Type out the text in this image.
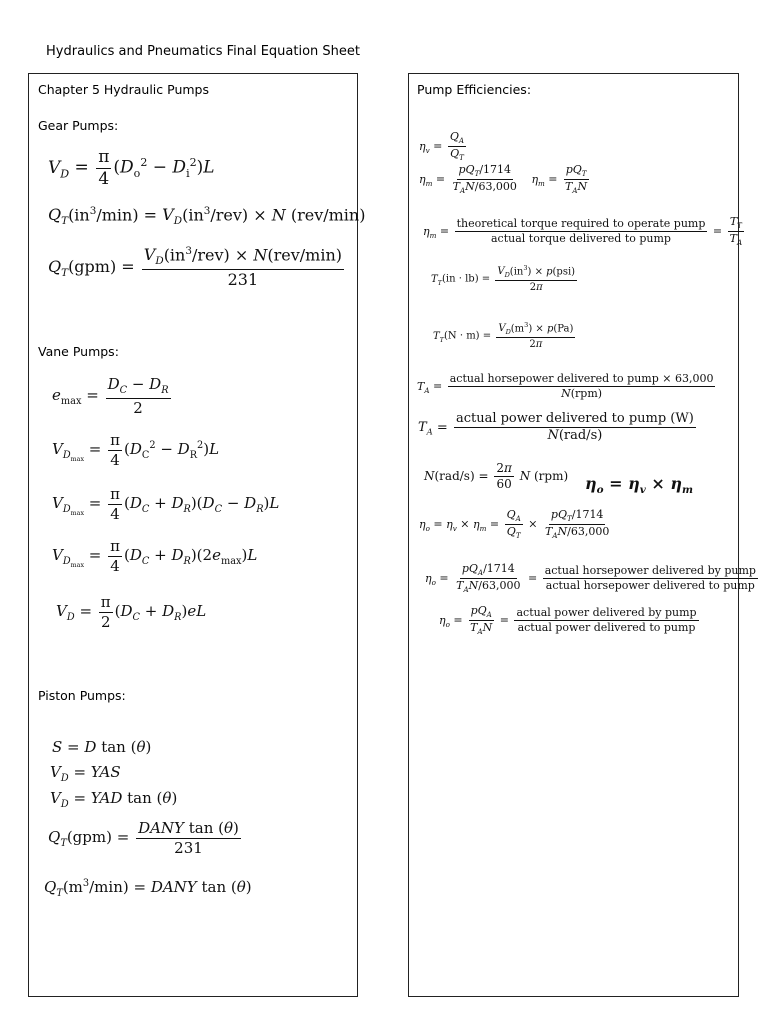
Hydraulics and Pneumatics Final Equation Sheet
Chapter 5 Hydraulic Pumps
Gear Pumps:
$V_D = \frac{\pi}{4} (D_o^2 - D_i^2)L$
$Q_T(in^3/\min) = V_D(in^3/rev) \times N$ (rev/min)
$Q_T(gpm) = \frac{V_D(in^3/rev) \times N(rev/\min)}{231}$
Vane Pumps:
$e_{max} = \frac{D_C - D_R}{2}$
$V_{D_{max}} = \frac{\pi}{4} (D_C^2 - D_R^2)L$
$V_{D_{max}} = \frac{\pi}{4} (D_C + D_R)(D_C - D_R)L$
$V_{D_{max}} = \frac{\pi}{4} (D_C + D_R)(2e_{max})L$
$V_D = \frac{\pi}{2} (D_C + D_R)eL$
Piston Pumps:
S = D tan (θ)
$V_D$ = YAS
$V_D$ = YAD tan (θ)
$Q_T(gpm) = \frac{\text{DANY tan (θ)}}{231}$
$Q_T(m^3/\min)$ = DANY tan (θ)
Pump Efficiencies:
$\eta_v = \frac{Q_A}{Q_T}$
$\eta_m = \frac{pQ_T/1714}{T_AN/63,000} \eta_m = \frac{pQ_T}{T_AN}$
$\eta_m = \frac{\text{theoretical torque required to operate pump}}{\text{actual torque delivered to pump}} = \frac{T_T}{T_A}$
$T_T(in \cdot lb) = \frac{V_D(in^3) \times p(psi)}{2\pi}$
$T_T(N \cdot m) = \frac{V_D(m^3) \times p(Pa)}{2\pi}$
$T_A = \frac{\text{actual horsepower delivered to pump × 63,000}}{\text{N(rpm)}}$
$T_A = \frac{\text{actual power delivered to pump (W)}}{\text{N(rad/s)}}$
$N(rad/s) = \frac{2\pi}{60}$ N (rpm) $\eta_o = \eta_v \times \eta_m$
$\eta_o = \eta_v \times \eta_m = \frac{Q_A}{Q_T} \times \frac{pQ_T/1714}{T_AN/63,000}$
$\eta_o = \frac{pQ_A/1714}{T_AN/63,000} = \frac{\text{actual horsepower delivered by pump}}{\text{actual horsepower delivered to pump}}$
$\eta_o = \frac{pQ_A}{T_AN} = \frac{\text{actual power delivered by pump}}{\text{actual power delivered to pump}}$
